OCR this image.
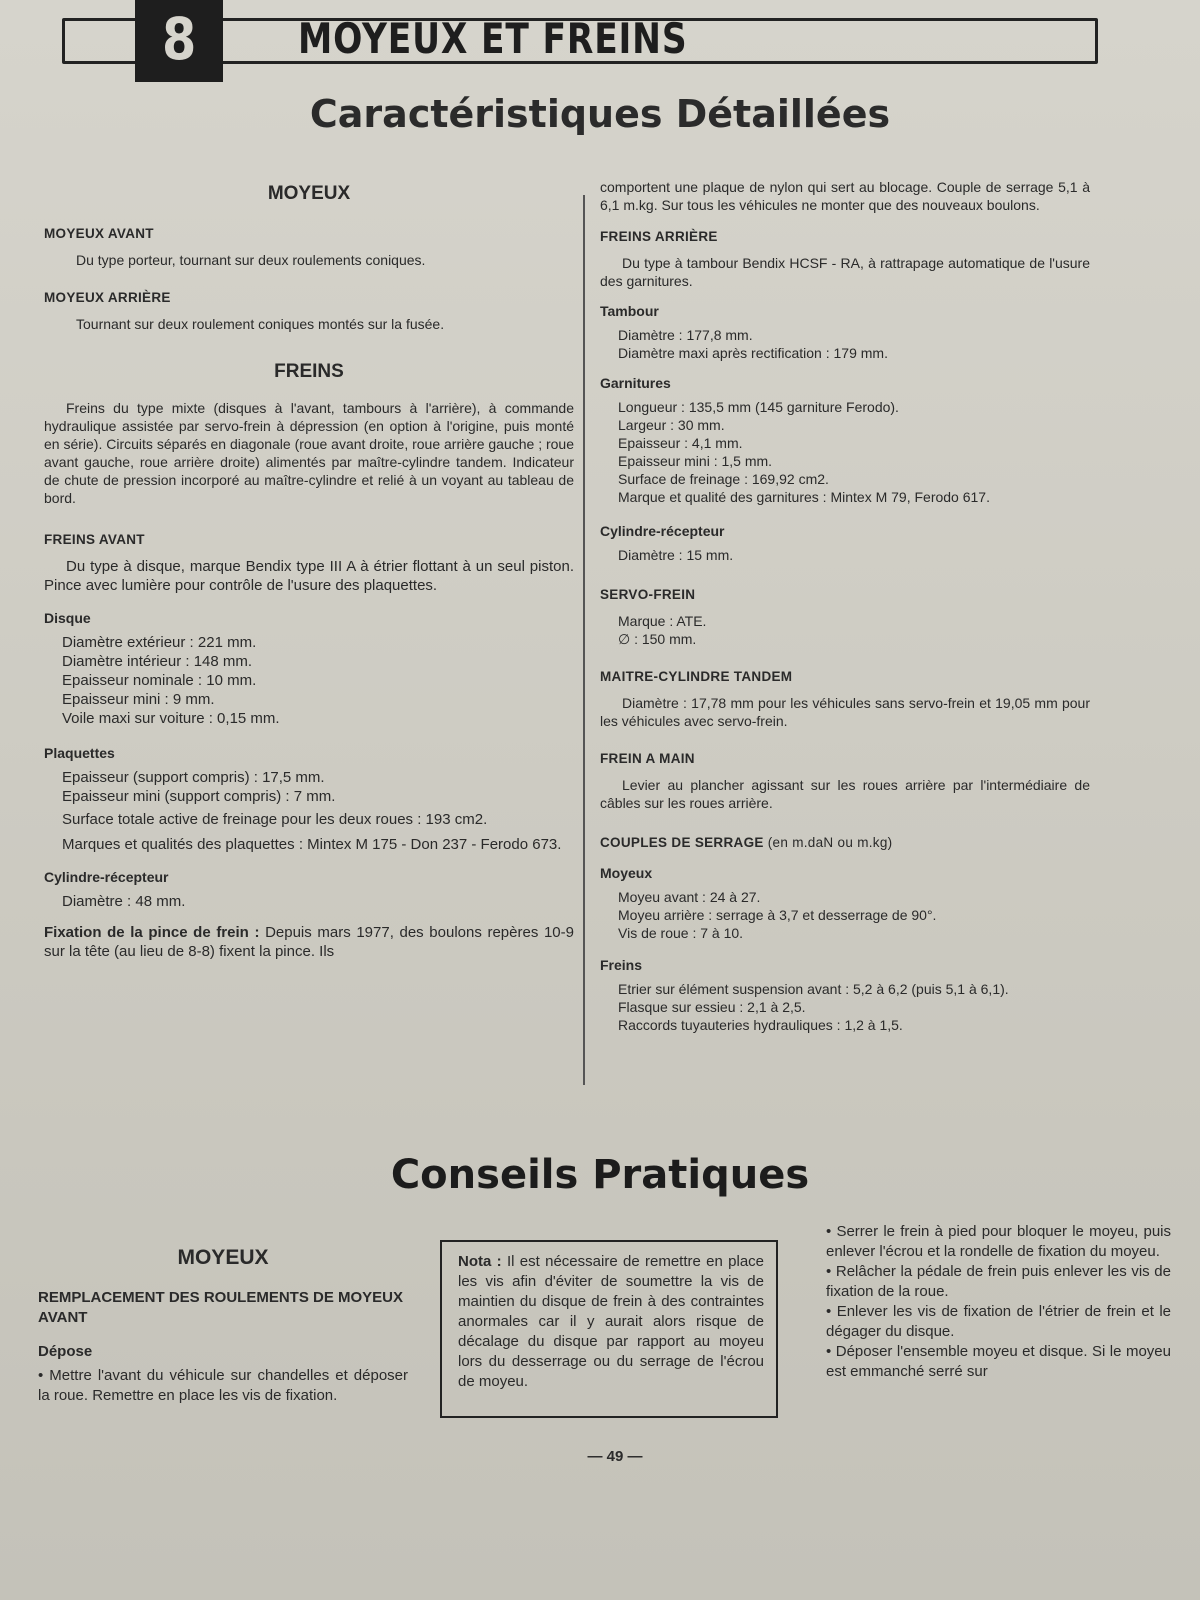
8	MOYEUX ET FREINS
Caractéristiques Détaillées
MOYEUX
MOYEUX AVANT
Du type porteur, tournant sur deux roulements coniques.
MOYEUX ARRIÈRE
Tournant sur deux roulement coniques montés sur la fusée.
FREINS
Freins du type mixte (disques à l'avant, tambours à l'arrière), à commande hydraulique assistée par servo-frein à dépression (en option à l'origine, puis monté en série). Circuits séparés en diagonale (roue avant droite, roue arrière gauche ; roue avant gauche, roue arrière droite) alimentés par maître-cylindre tandem. Indicateur de chute de pression incorporé au maître-cylindre et relié à un voyant au tableau de bord.
FREINS AVANT
Du type à disque, marque Bendix type III A à étrier flottant à un seul piston. Pince avec lumière pour contrôle de l'usure des plaquettes.
Disque
Diamètre extérieur : 221 mm.
Diamètre intérieur : 148 mm.
Epaisseur nominale : 10 mm.
Epaisseur mini : 9 mm.
Voile maxi sur voiture : 0,15 mm.
Plaquettes
Epaisseur (support compris) : 17,5 mm.
Epaisseur mini (support compris) : 7 mm.
Surface totale active de freinage pour les deux roues : 193 cm2.
Marques et qualités des plaquettes : Mintex M 175 - Don 237 - Ferodo 673.
Cylindre-récepteur
Diamètre : 48 mm.
Fixation de la pince de frein : Depuis mars 1977, des boulons repères 10-9 sur la tête (au lieu de 8-8) fixent la pince. Ils
comportent une plaque de nylon qui sert au blocage. Couple de serrage 5,1 à 6,1 m.kg. Sur tous les véhicules ne monter que des nouveaux boulons.
FREINS ARRIÈRE
Du type à tambour Bendix HCSF - RA, à rattrapage automatique de l'usure des garnitures.
Tambour
Diamètre : 177,8 mm.
Diamètre maxi après rectification : 179 mm.
Garnitures
Longueur : 135,5 mm (145 garniture Ferodo).
Largeur : 30 mm.
Epaisseur : 4,1 mm.
Epaisseur mini : 1,5 mm.
Surface de freinage : 169,92 cm2.
Marque et qualité des garnitures : Mintex M 79, Ferodo 617.
Cylindre-récepteur
Diamètre : 15 mm.
SERVO-FREIN
Marque : ATE.
∅ : 150 mm.
MAITRE-CYLINDRE TANDEM
Diamètre : 17,78 mm pour les véhicules sans servo-frein et 19,05 mm pour les véhicules avec servo-frein.
FREIN A MAIN
Levier au plancher agissant sur les roues arrière par l'intermédiaire de câbles sur les roues arrière.
COUPLES DE SERRAGE (en m.daN ou m.kg)
Moyeux
Moyeu avant : 24 à 27.
Moyeu arrière : serrage à 3,7 et desserrage de 90°.
Vis de roue : 7 à 10.
Freins
Etrier sur élément suspension avant : 5,2 à 6,2 (puis 5,1 à 6,1).
Flasque sur essieu : 2,1 à 2,5.
Raccords tuyauteries hydrauliques : 1,2 à 1,5.
Conseils Pratiques
MOYEUX
REMPLACEMENT DES ROULEMENTS DE MOYEUX AVANT
Dépose
• Mettre l'avant du véhicule sur chandelles et déposer la roue. Remettre en place les vis de fixation.
Nota : Il est nécessaire de remettre en place les vis afin d'éviter de soumettre la vis de maintien du disque de frein à des contraintes anormales car il y aurait alors risque de décalage du disque par rapport au moyeu lors du desserrage ou du serrage de l'écrou de moyeu.
• Serrer le frein à pied pour bloquer le moyeu, puis enlever l'écrou et la rondelle de fixation du moyeu.
• Relâcher la pédale de frein puis enlever les vis de fixation de la roue.
• Enlever les vis de fixation de l'étrier de frein et le dégager du disque.
• Déposer l'ensemble moyeu et disque. Si le moyeu est emmanché serré sur
— 49 —
